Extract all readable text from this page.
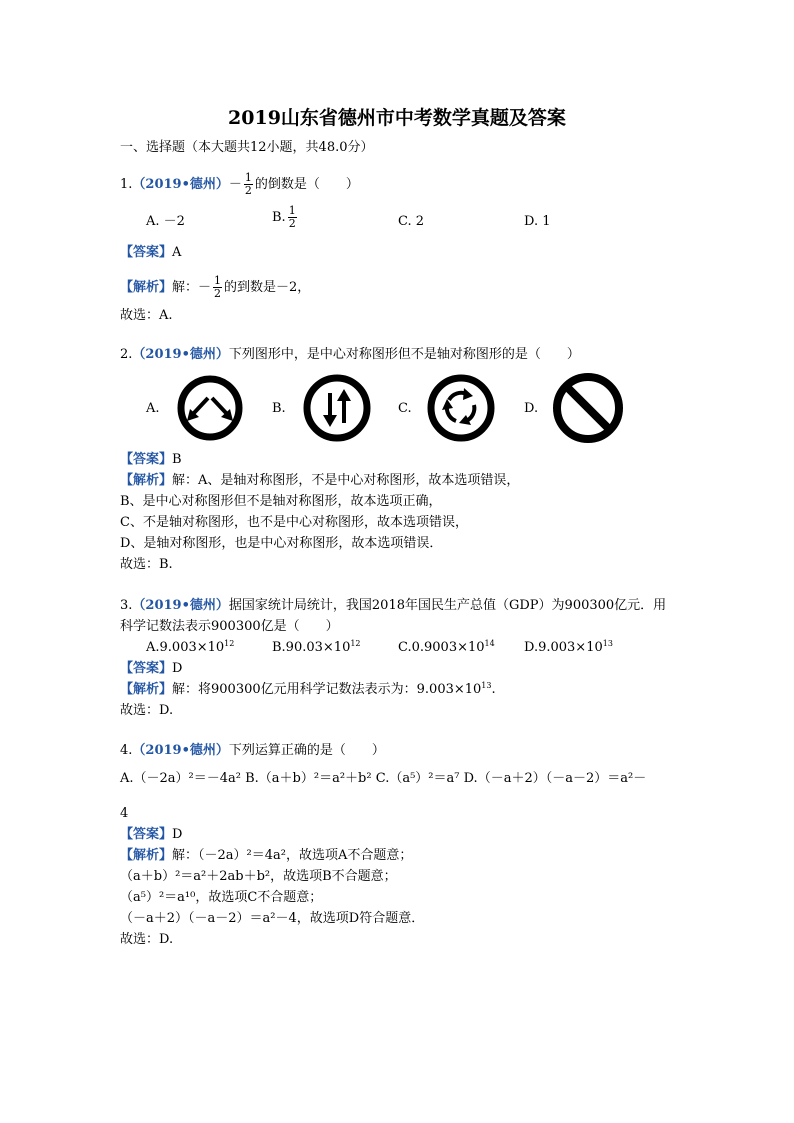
2019山东省德州市中考数学真题及答案
一、选择题（本大题共12小题，共48.0分）
1.（2019•德州）－ $\frac{1}{2}$ 的倒数是（　　）
A. －2	B. $\frac{1}{2}$	C. 2	D. 1
【答案】A
【解析】解：－ $\frac{1}{2}$ 的到数是－2，
故选：A.
2.（2019•德州）下列图形中，是中心对称图形但不是轴对称图形的是（　　）
A.	B.	C.	D.
【答案】B
【解析】解：A、是轴对称图形，不是中心对称图形，故本选项错误，
B、是中心对称图形但不是轴对称图形，故本选项正确，
C、不是轴对称图形，也不是中心对称图形，故本选项错误，
D、是轴对称图形，也是中心对称图形，故本选项错误．
故选：B.
3.（2019•德州）据国家统计局统计，我国2018年国民生产总值（GDP）为900300亿元．用
科学记数法表示900300亿是（　　）
$A.9.003\times 10^{12}$	$B.90.03\times 10^{12}$	$C.0.9003\times 10^{14}$ $D.9.003\times 10^{13}$
【答案】D
【解析】解：将900300亿元用科学记数法表示为：$9.003\times 10^{13}$.
故选：D.
4.（2019•德州）下列运算正确的是（　　）
A.（－2a）²＝－4a² B.（a＋b）²＝a²＋b² C.（a⁵）²＝a⁷ D.（－a＋2）（－a－2）＝a²－
4
【答案】D
【解析】解：（－2a）²＝4a²，故选项A不合题意；
（a＋b）²＝a²＋2ab＋b²，故选项B不合题意；
（a⁵）²＝a¹⁰，故选项C不合题意；
（－a＋2）（－a－2）＝a²－4，故选项D符合题意．
故选：D.
